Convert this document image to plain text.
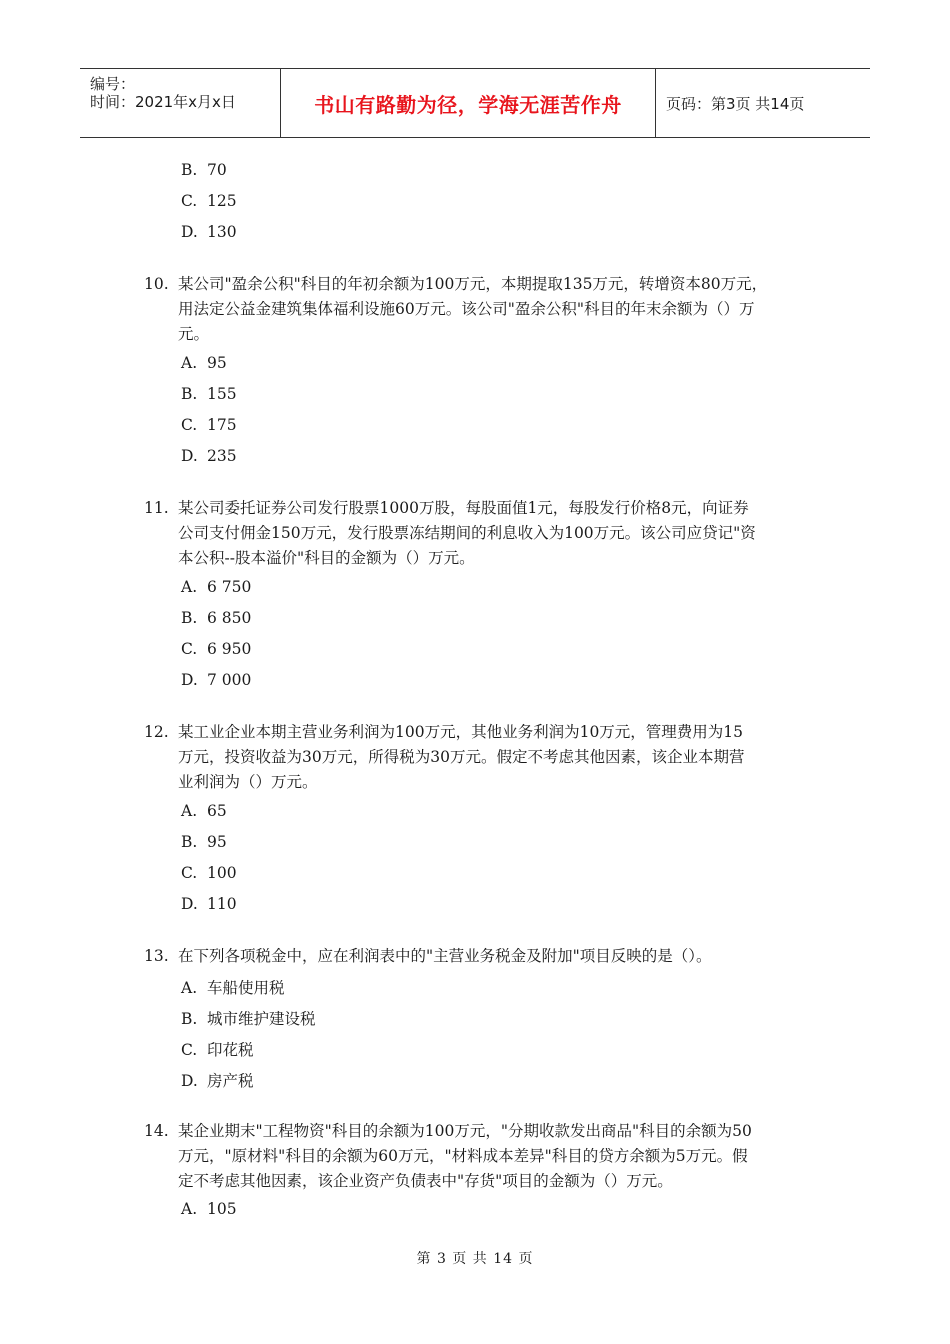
编号：
时间：2021年x月x日	书山有路勤为径，学海无涯苦作舟	页码：第3页 共14页
B. 70
C. 125
D. 130
10. 某公司"盈余公积"科目的年初余额为100万元，本期提取135万元，转增资本80万元，
用法定公益金建筑集体福利设施60万元。该公司"盈余公积"科目的年末余额为（）万
元。
A. 95
B. 155
C. 175
D. 235
11. 某公司委托证券公司发行股票1000万股，每股面值1元，每股发行价格8元，向证券
公司支付佣金150万元，发行股票冻结期间的利息收入为100万元。该公司应贷记"资
本公积--股本溢价"科目的金额为（）万元。
A. 6 750
B. 6 850
C. 6 950
D. 7 000
12. 某工业企业本期主营业务利润为100万元，其他业务利润为10万元，管理费用为15
万元，投资收益为30万元，所得税为30万元。假定不考虑其他因素，该企业本期营
业利润为（）万元。
A. 65
B. 95
C. 100
D. 110
13. 在下列各项税金中，应在利润表中的"主营业务税金及附加"项目反映的是（）。
A. 车船使用税
B. 城市维护建设税
C. 印花税
D. 房产税
14. 某企业期末"工程物资"科目的余额为100万元，"分期收款发出商品"科目的余额为50
万元，"原材料"科目的余额为60万元，"材料成本差异"科目的贷方余额为5万元。假
定不考虑其他因素，该企业资产负债表中"存货"项目的金额为（）万元。
A. 105
第 3 页 共 14 页
